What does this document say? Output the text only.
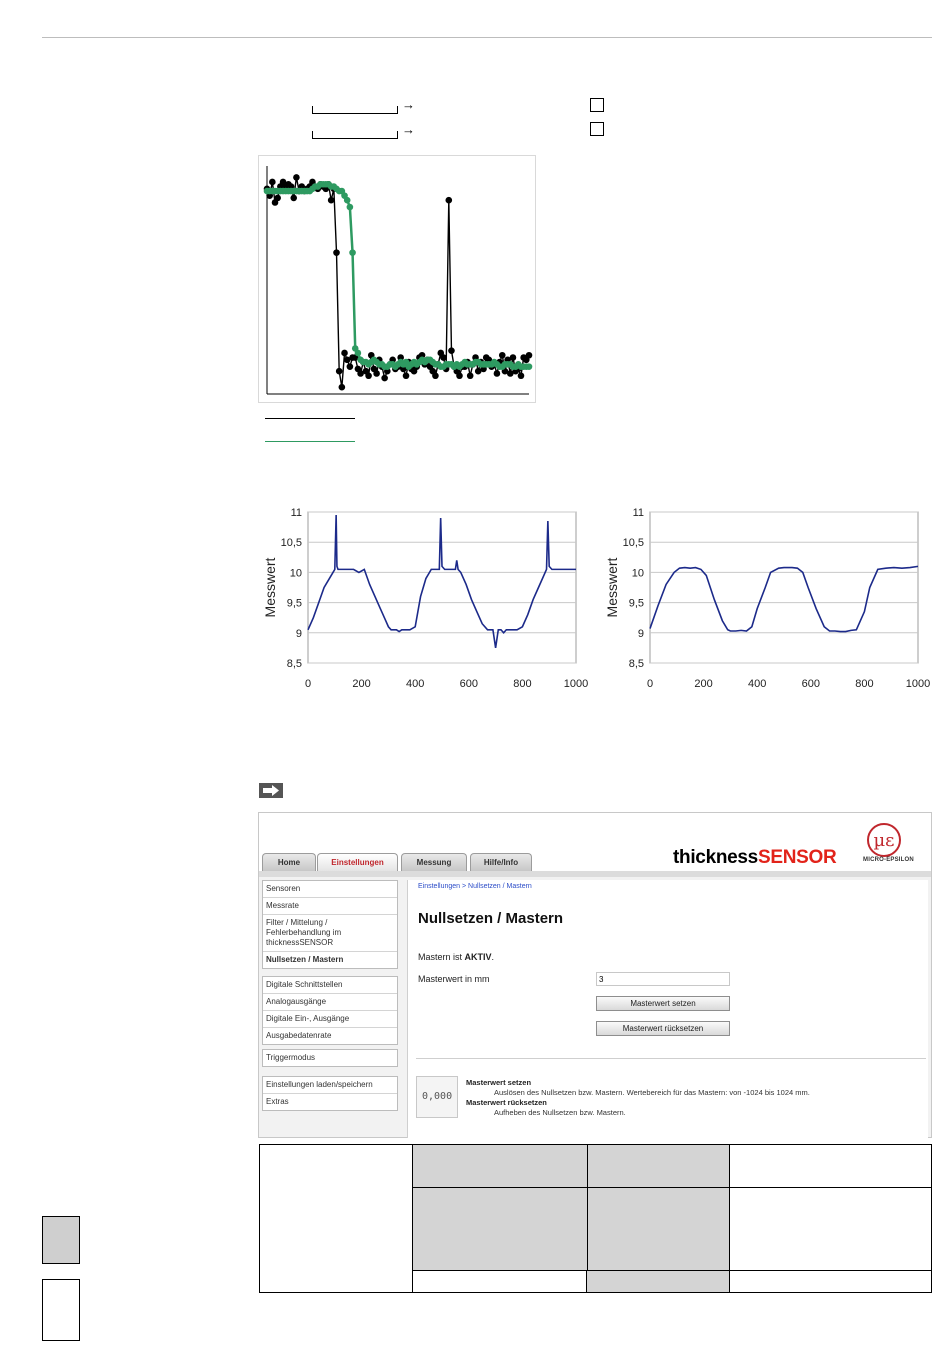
→
→
8,5
9
9,5
10
10,5
11
0	200	400	600	800	1000
Messwert
8,5
9
9,5
10
10,5
11
0	200	400	600	800	1000
Messwert
Home	Einstellungen	Messung	Hilfe/Info	thicknessSENSOR
µε
MICRO-EPSILON
Sensoren
Messrate
Filter / Mittelung / Fehlerbehandlung im thicknessSENSOR
Nullsetzen / Mastern
Digitale Schnittstellen
Analogausgänge
Digitale Ein-, Ausgänge
Ausgabedatenrate
Triggermodus
Einstellungen laden/speichern
Extras
Einstellungen > Nullsetzen / Mastern
Nullsetzen / Mastern
Mastern ist AKTIV.
Masterwert in mm	3
Masterwert setzen
Masterwert rücksetzen
0,000
Masterwert setzen
Auslösen des Nullsetzen bzw. Mastern. Wertebereich für das Mastern: von -1024 bis 1024 mm.
Masterwert rücksetzen
Aufheben des Nullsetzen bzw. Mastern.
